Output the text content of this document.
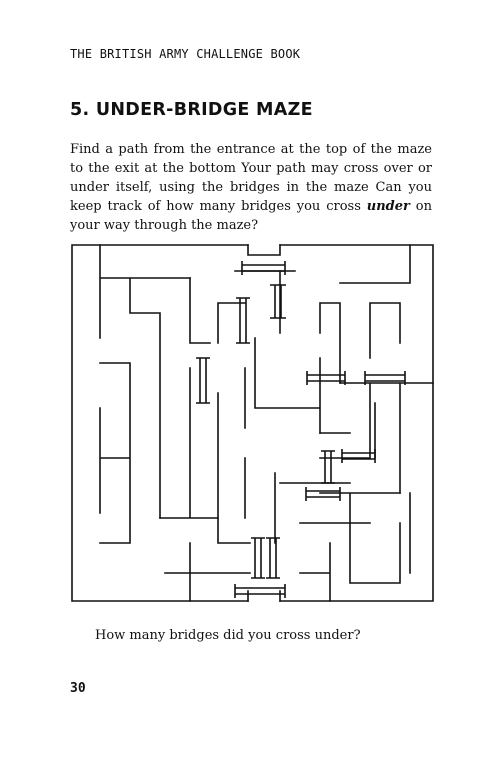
THE BRITISH ARMY CHALLENGE BOOK
5. UNDER-BRIDGE MAZE

Find a path from the entrance at the top of the maze to the exit at the bottom Your path may cross over or under itself, using the bridges in the maze Can you keep track of how many bridges you cross under on your way through the maze?

How many bridges did you cross under?
30
